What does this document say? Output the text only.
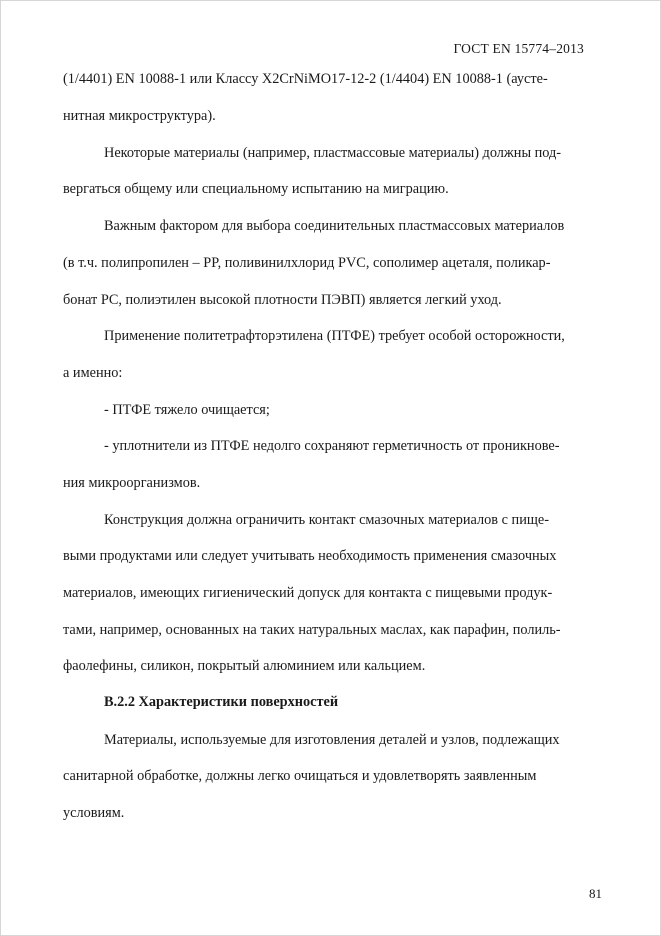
ГОСТ EN 15774–2013
(1/4401) EN 10088-1 или Классу X2CrNiMO17-12-2 (1/4404) EN 10088-1 (аусте-
нитная микроструктура).
Некоторые материалы (например, пластмассовые материалы) должны под-
вергаться общему или специальному испытанию на миграцию.
Важным фактором для выбора соединительных пластмассовых материалов
(в т.ч. полипропилен – PP, поливинилхлорид PVC, сополимер ацеталя, поликар-
бонат PC, полиэтилен высокой плотности ПЭВП) является легкий уход.
Применение политетрафторэтилена (ПТФЕ) требует особой осторожности,
а именно:
- ПТФЕ тяжело очищается;
- уплотнители из ПТФЕ недолго сохраняют герметичность от проникнове-
ния микроорганизмов.
Конструкция должна ограничить контакт смазочных материалов с пище-
выми продуктами или следует учитывать необходимость применения смазочных
материалов, имеющих гигиенический допуск для контакта с пищевыми продук-
тами, например, основанных на таких натуральных маслах, как парафин, полиль-
фаолефины, силикон, покрытый алюминием или кальцием.
B.2.2 Характеристики поверхностей
Материалы, используемые для изготовления деталей и узлов, подлежащих
санитарной обработке, должны легко очищаться и удовлетворять заявленным
условиям.
81
